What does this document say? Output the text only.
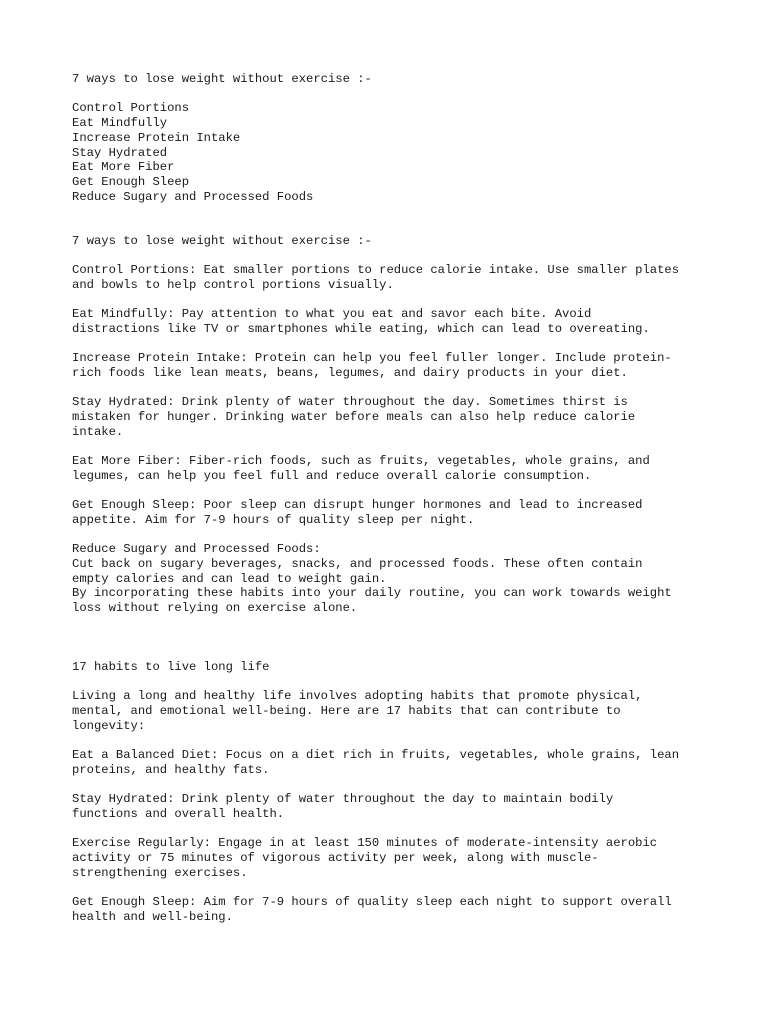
7 ways to lose weight without exercise :-
Control Portions
Eat Mindfully
Increase Protein Intake
Stay Hydrated
Eat More Fiber
Get Enough Sleep
Reduce Sugary and Processed Foods
7 ways to lose weight without exercise :-
Control Portions: Eat smaller portions to reduce calorie intake. Use smaller plates
and bowls to help control portions visually.
Eat Mindfully: Pay attention to what you eat and savor each bite. Avoid
distractions like TV or smartphones while eating, which can lead to overeating.
Increase Protein Intake: Protein can help you feel fuller longer. Include protein-
rich foods like lean meats, beans, legumes, and dairy products in your diet.
Stay Hydrated: Drink plenty of water throughout the day. Sometimes thirst is
mistaken for hunger. Drinking water before meals can also help reduce calorie
intake.
Eat More Fiber: Fiber-rich foods, such as fruits, vegetables, whole grains, and
legumes, can help you feel full and reduce overall calorie consumption.
Get Enough Sleep: Poor sleep can disrupt hunger hormones and lead to increased
appetite. Aim for 7-9 hours of quality sleep per night.
Reduce Sugary and Processed Foods:
Cut back on sugary beverages, snacks, and processed foods. These often contain
empty calories and can lead to weight gain.
By incorporating these habits into your daily routine, you can work towards weight
loss without relying on exercise alone.
17 habits to live long life
Living a long and healthy life involves adopting habits that promote physical,
mental, and emotional well-being. Here are 17 habits that can contribute to
longevity:
Eat a Balanced Diet: Focus on a diet rich in fruits, vegetables, whole grains, lean
proteins, and healthy fats.
Stay Hydrated: Drink plenty of water throughout the day to maintain bodily
functions and overall health.
Exercise Regularly: Engage in at least 150 minutes of moderate-intensity aerobic
activity or 75 minutes of vigorous activity per week, along with muscle-
strengthening exercises.
Get Enough Sleep: Aim for 7-9 hours of quality sleep each night to support overall
health and well-being.
